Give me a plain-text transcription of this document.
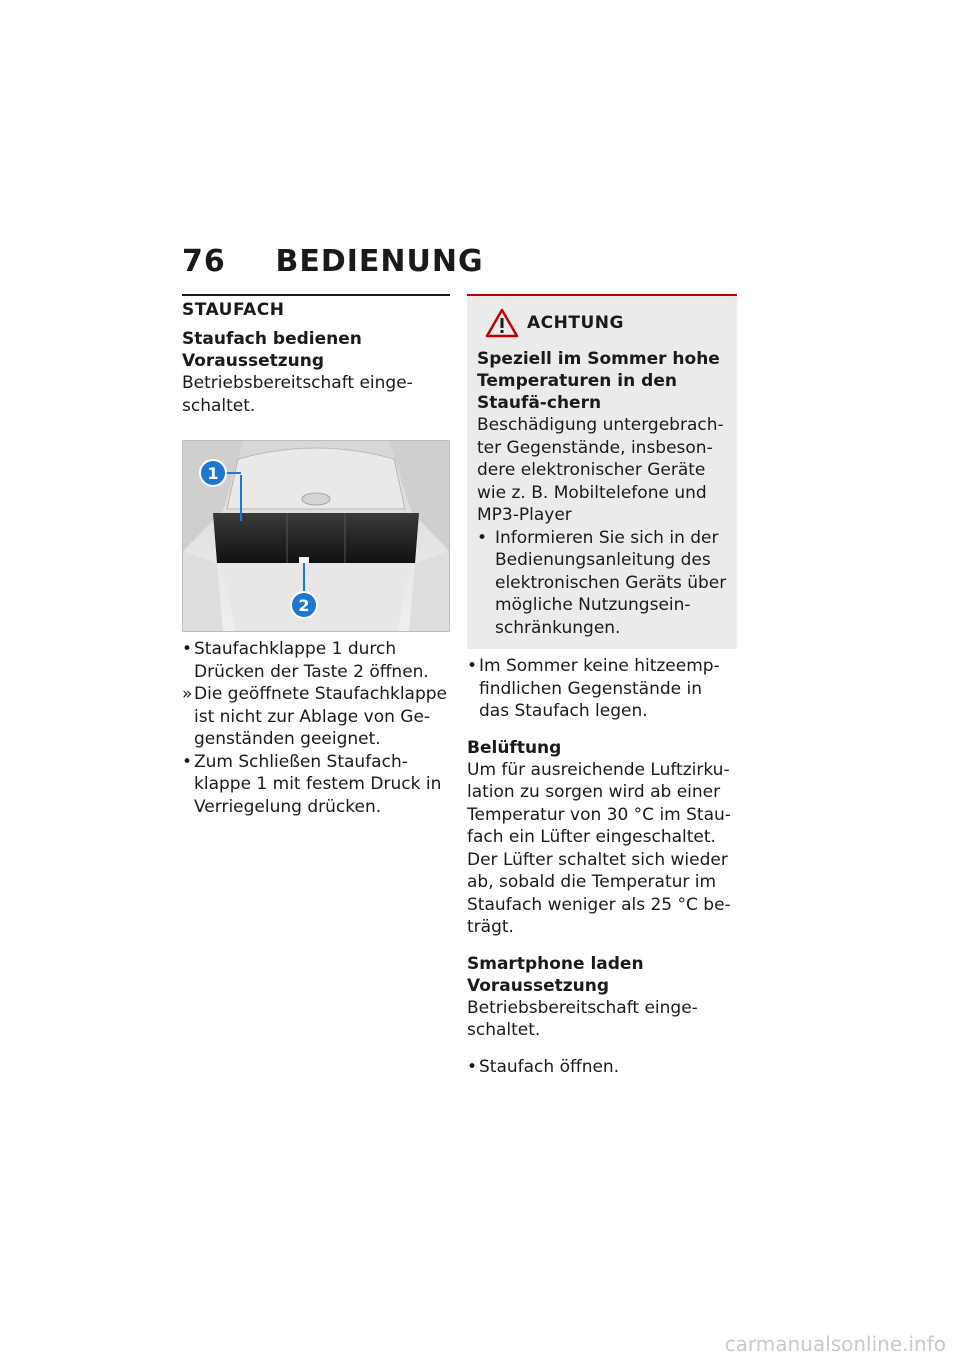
76 BEDIENUNG
STAUFACH
Staufach bedienen
Voraussetzung

Betriebsbereitschaft einge-schaltet.

1
2
• Staufachklappe 1 durch Drücken der Taste 2 öffnen.
» Die geöffnete Staufachklappe ist nicht zur Ablage von Ge-genständen geeignet.
• Zum Schließen Staufach-klappe 1 mit festem Druck in Verriegelung drücken.
ACHTUNG
Speziell im Sommer hohe Temperaturen in den Staufä-chern

Beschädigung untergebrach-ter Gegenstände, insbeson-dere elektronischer Geräte wie z. B. Mobiltelefone und MP3-Player

• Informieren Sie sich in der Bedienungsanleitung des elektronischen Geräts über mögliche Nutzungsein-schränkungen.
• Im Sommer keine hitzeemp-findlichen Gegenstände in das Staufach legen.
Belüftung

Um für ausreichende Luftzirku-lation zu sorgen wird ab einer Temperatur von 30 °C im Stau-fach ein Lüfter eingeschaltet. Der Lüfter schaltet sich wieder ab, sobald die Temperatur im Staufach weniger als 25 °C be-trägt.

Smartphone laden
Voraussetzung

Betriebsbereitschaft einge-schaltet.

• Staufach öffnen.
carmanualsonline.info
